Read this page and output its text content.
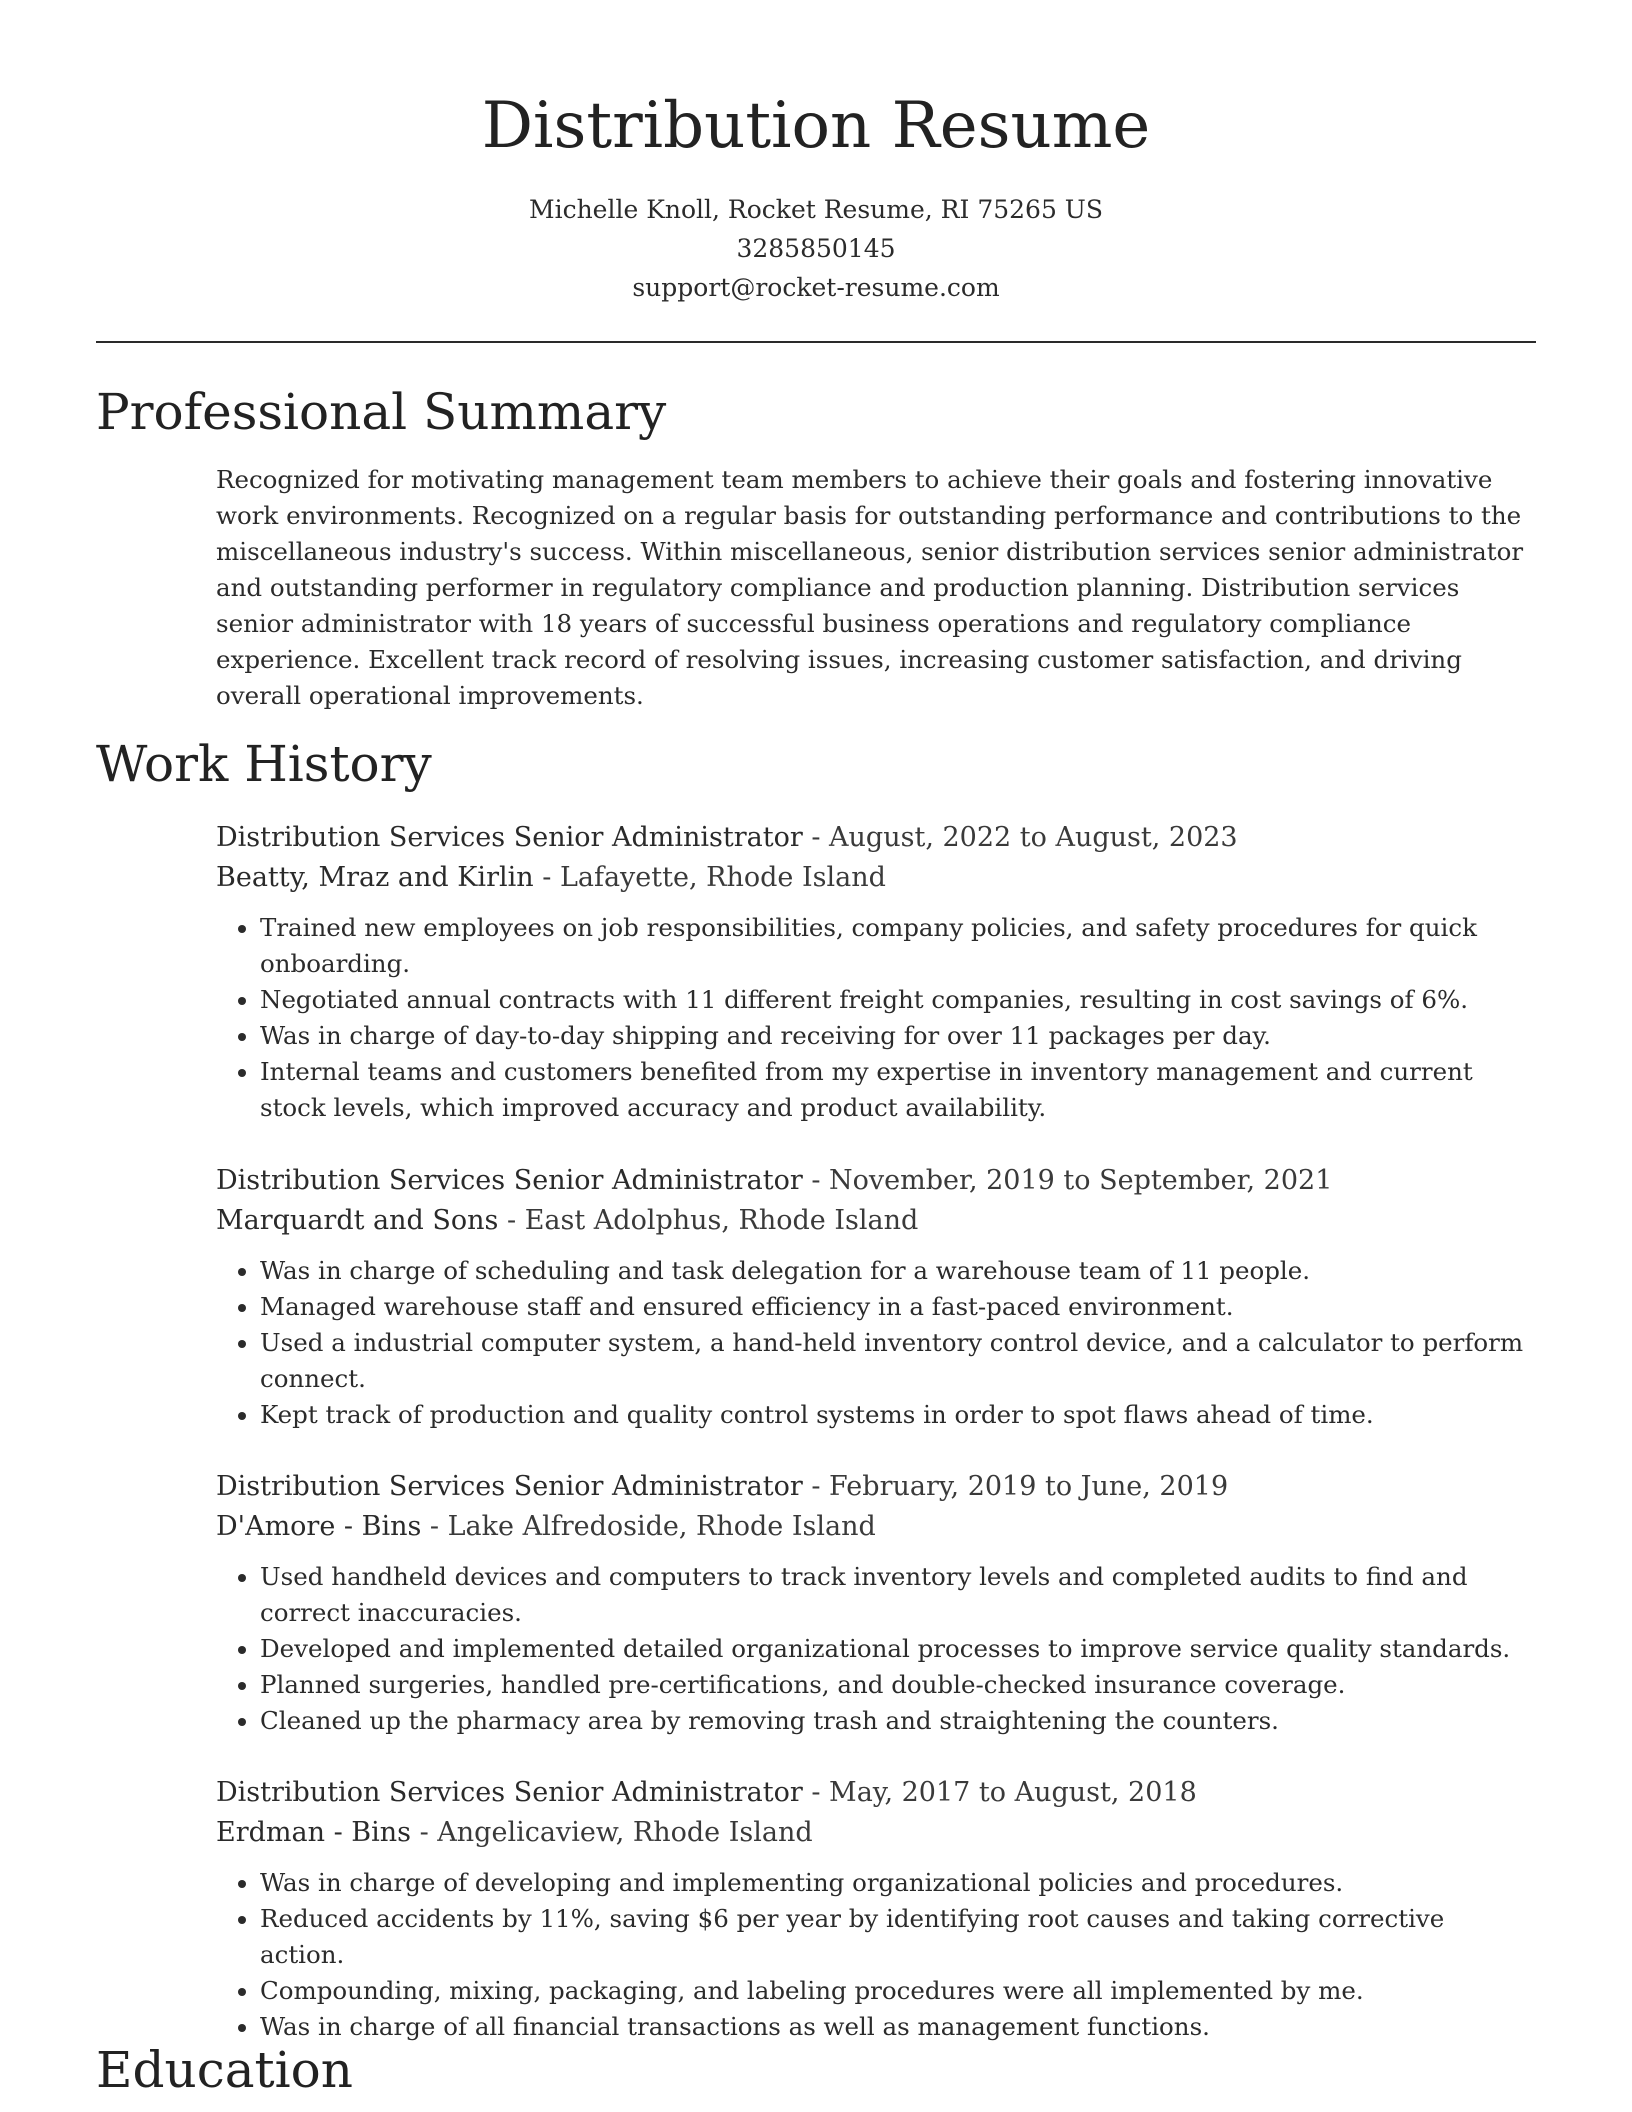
Distribution Resume
Michelle Knoll, Rocket Resume, RI 75265 US
3285850145
support@rocket-resume.com
Professional Summary

Recognized for motivating management team members to achieve their goals and fostering innovative work environments. Recognized on a regular basis for outstanding performance and contributions to the miscellaneous industry's success. Within miscellaneous, senior distribution services senior administrator and outstanding performer in regulatory compliance and production planning. Distribution services senior administrator with 18 years of successful business operations and regulatory compliance experience. Excellent track record of resolving issues, increasing customer satisfaction, and driving overall operational improvements.

Work History
Distribution Services Senior Administrator - August, 2022 to August, 2023
Beatty, Mraz and Kirlin - Lafayette, Rhode Island
• Trained new employees on job responsibilities, company policies, and safety procedures for quick onboarding.
• Negotiated annual contracts with 11 different freight companies, resulting in cost savings of 6%.
• Was in charge of day-to-day shipping and receiving for over 11 packages per day.
• Internal teams and customers benefited from my expertise in inventory management and current stock levels, which improved accuracy and product availability.
Distribution Services Senior Administrator - November, 2019 to September, 2021
Marquardt and Sons - East Adolphus, Rhode Island
• Was in charge of scheduling and task delegation for a warehouse team of 11 people.
• Managed warehouse staff and ensured efficiency in a fast-paced environment.
• Used a industrial computer system, a hand-held inventory control device, and a calculator to perform connect.
• Kept track of production and quality control systems in order to spot flaws ahead of time.
Distribution Services Senior Administrator - February, 2019 to June, 2019
D'Amore - Bins - Lake Alfredoside, Rhode Island
• Used handheld devices and computers to track inventory levels and completed audits to find and correct inaccuracies.
• Developed and implemented detailed organizational processes to improve service quality standards.
• Planned surgeries, handled pre-certifications, and double-checked insurance coverage.
• Cleaned up the pharmacy area by removing trash and straightening the counters.
Distribution Services Senior Administrator - May, 2017 to August, 2018
Erdman - Bins - Angelicaview, Rhode Island
• Was in charge of developing and implementing organizational policies and procedures.
• Reduced accidents by 11%, saving $6 per year by identifying root causes and taking corrective action.
• Compounding, mixing, packaging, and labeling procedures were all implemented by me.
• Was in charge of all financial transactions as well as management functions.
Education
